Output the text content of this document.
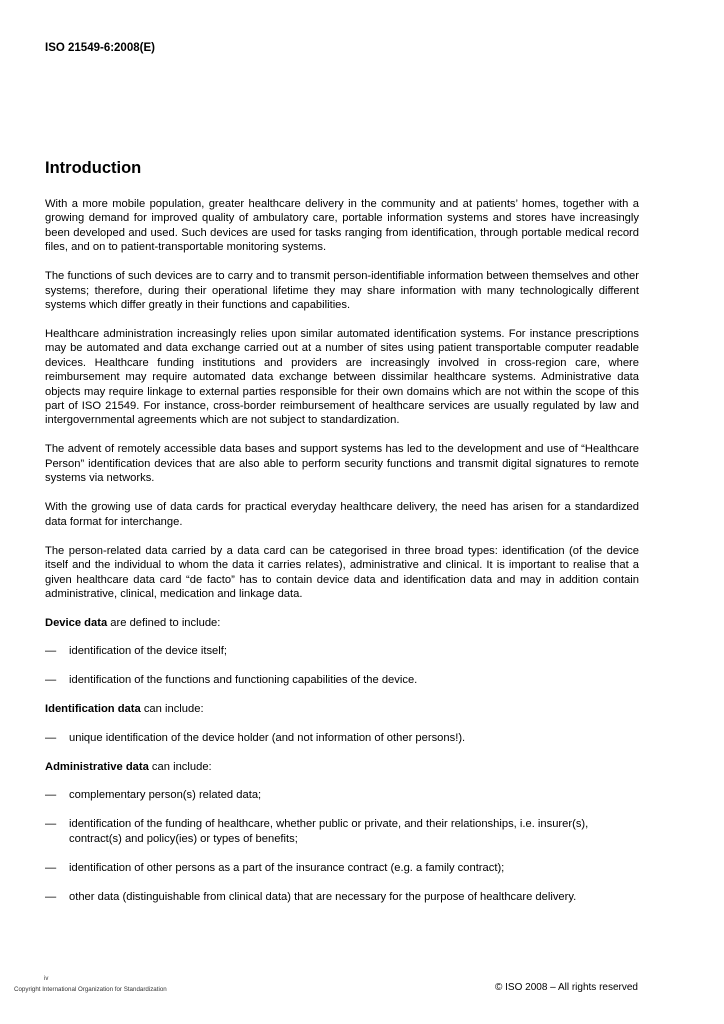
ISO 21549-6:2008(E)
Introduction

With a more mobile population, greater healthcare delivery in the community and at patients’ homes, together with a growing demand for improved quality of ambulatory care, portable information systems and stores have increasingly been developed and used. Such devices are used for tasks ranging from identification, through portable medical record files, and on to patient-transportable monitoring systems.

The functions of such devices are to carry and to transmit person-identifiable information between themselves and other systems; therefore, during their operational lifetime they may share information with many technologically different systems which differ greatly in their functions and capabilities.

Healthcare administration increasingly relies upon similar automated identification systems. For instance prescriptions may be automated and data exchange carried out at a number of sites using patient transportable computer readable devices. Healthcare funding institutions and providers are increasingly involved in cross-region care, where reimbursement may require automated data exchange between dissimilar healthcare systems. Administrative data objects may require linkage to external parties responsible for their own domains which are not within the scope of this part of ISO 21549. For instance, cross-border reimbursement of healthcare services are usually regulated by law and intergovernmental agreements which are not subject to standardization.

The advent of remotely accessible data bases and support systems has led to the development and use of “Healthcare Person” identification devices that are also able to perform security functions and transmit digital signatures to remote systems via networks.

With the growing use of data cards for practical everyday healthcare delivery, the need has arisen for a standardized data format for interchange.

The person-related data carried by a data card can be categorised in three broad types: identification (of the device itself and the individual to whom the data it carries relates), administrative and clinical. It is important to realise that a given healthcare data card “de facto” has to contain device data and identification data and may in addition contain administrative, clinical, medication and linkage data.

Device data are defined to include:

—	identification of the device itself;
—	identification of the functions and functioning capabilities of the device.

Identification data can include:

—	unique identification of the device holder (and not information of other persons!).

Administrative data can include:

—	complementary person(s) related data;
—	identification of the funding of healthcare, whether public or private, and their relationships, i.e. insurer(s), contract(s) and policy(ies) or types of benefits;
—	identification of other persons as a part of the insurance contract (e.g. a family contract);
—	other data (distinguishable from clinical data) that are necessary for the purpose of healthcare delivery.
iv
Copyright International Organization for Standardization	© ISO 2008 – All rights reserved
